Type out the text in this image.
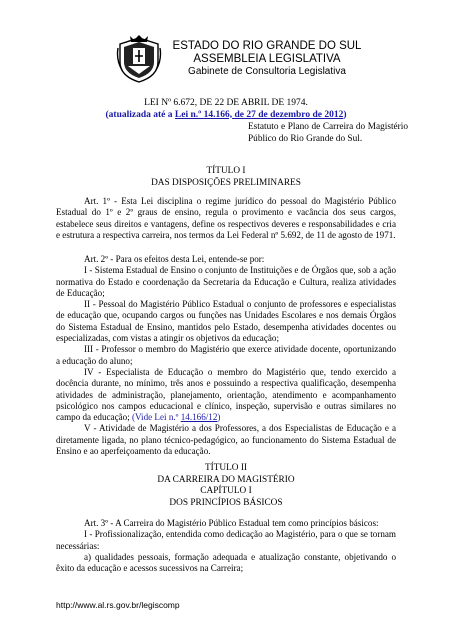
ESTADO DO RIO GRANDE DO SUL
ASSEMBLEIA LEGISLATIVA
Gabinete de Consultoria Legislativa
LEI Nº 6.672, DE 22 DE ABRIL DE 1974.
(atualizada até a Lei n.º 14.166, de 27 de dezembro de 2012)
Estatuto e Plano de Carreira do Magistério Público do Rio Grande do Sul.
TÍTULO I
DAS DISPOSIÇÕES PRELIMINARES

Art. 1º - Esta Lei disciplina o regime jurídico do pessoal do Magistério Público Estadual do 1º e 2º graus de ensino, regula o provimento e vacância dos seus cargos, estabelece seus direitos e vantagens, define os respectivos deveres e responsabilidades e cria e estrutura a respectiva carreira, nos termos da Lei Federal nº 5.692, de 11 de agosto de 1971.

Art. 2º - Para os efeitos desta Lei, entende-se por:

I - Sistema Estadual de Ensino o conjunto de Instituições e de Órgãos que, sob a ação normativa do Estado e coordenação da Secretaria da Educação e Cultura, realiza atividades de Educação;

II - Pessoal do Magistério Público Estadual o conjunto de professores e especialistas de educação que, ocupando cargos ou funções nas Unidades Escolares e nos demais Órgãos do Sistema Estadual de Ensino, mantidos pelo Estado, desempenha atividades docentes ou especializadas, com vistas a atingir os objetivos da educação;

III - Professor o membro do Magistério que exerce atividade docente, oportunizando a educação do aluno;

IV - Especialista de Educação o membro do Magistério que, tendo exercido a docência durante, no mínimo, três anos e possuindo a respectiva qualificação, desempenha atividades de administração, planejamento, orientação, atendimento e acompanhamento psicológico nos campos educacional e clínico, inspeção, supervisão e outras similares no campo da educação; (Vide Lei n.º 14.166/12)

V - Atividade de Magistério a dos Professores, a dos Especialistas de Educação e a diretamente ligada, no plano técnico-pedagógico, ao funcionamento do Sistema Estadual de Ensino e ao aperfeiçoamento da educação.

TÍTULO II
DA CARREIRA DO MAGISTÉRIO
CAPÍTULO I
DOS PRINCÍPIOS BÁSICOS

Art. 3º - A Carreira do Magistério Público Estadual tem como princípios básicos:

I - Profissionalização, entendida como dedicação ao Magistério, para o que se tornam necessárias:

a) qualidades pessoais, formação adequada e atualização constante, objetivando o êxito da educação e acessos sucessivos na Carreira;

http://www.al.rs.gov.br/legiscomp
